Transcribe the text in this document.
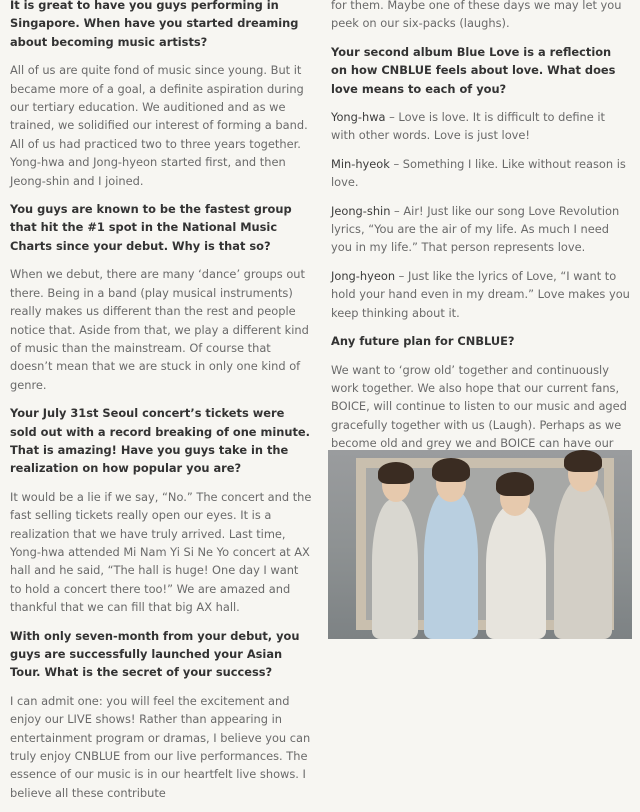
It is great to have you guys performing in Singapore. When have you started dreaming about becoming music artists?

All of us are quite fond of music since young. But it became more of a goal, a definite aspiration during our tertiary education. We auditioned and as we trained, we solidified our interest of forming a band. All of us had practiced two to three years together. Yong-hwa and Jong-hyeon started first, and then Jeong-shin and I joined.

You guys are known to be the fastest group that hit the #1 spot in the National Music Charts since your debut. Why is that so?

When we debut, there are many ‘dance’ groups out there. Being in a band (play musical instruments) really makes us different than the rest and people notice that. Aside from that, we play a different kind of music than the mainstream. Of course that doesn’t mean that we are stuck in only one kind of genre.

Your July 31st Seoul concert’s tickets were sold out with a record breaking of one minute. That is amazing! Have you guys take in the realization on how popular you are?

It would be a lie if we say, “No.” The concert and the fast selling tickets really open our eyes. It is a realization that we have truly arrived. Last time, Yong-hwa attended Mi Nam Yi Si Ne Yo concert at AX hall and he said, “The hall is huge! One day I want to hold a concert there too!” We are amazed and thankful that we can fill that big AX hall.

With only seven-month from your debut, you guys are successfully launched your Asian Tour. What is the secret of your success?

I can admit one: you will feel the excitement and enjoy our LIVE shows! Rather than appearing in entertainment program or dramas, I believe you can truly enjoy CNBLUE from our live performances. The essence of our music is in our heartfelt live shows. I believe all these contribute

for them. Maybe one of these days we may let you peek on our six-packs (laughs).

Your second album Blue Love is a reflection on how CNBLUE feels about love. What does love means to each of you?

Yong-hwa – Love is love. It is difficult to define it with other words. Love is just love!

Min-hyeok – Something I like. Like without reason is love.

Jeong-shin – Air! Just like our song Love Revolution lyrics, “You are the air of my life. As much I need you in my life.” That person represents love.

Jong-hyeon – Just like the lyrics of Love, “I want to hold your hand even in my dream.” Love makes you keep thinking about it.

Any future plan for CNBLUE?

We want to ‘grow old’ together and continuously work together. We also hope that our current fans, BOICE, will continue to listen to our music and aged gracefully together with us (Laugh). Perhaps as we become old and grey we and BOICE can have our
